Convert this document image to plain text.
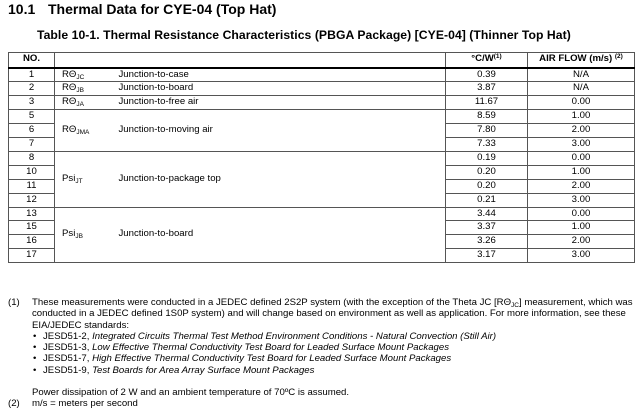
10.1 Thermal Data for CYE-04 (Top Hat)
Table 10-1. Thermal Resistance Characteristics (PBGA Package) [CYE-04] (Thinner Top Hat)
NO.			$^\circ C/W^{(1)}$	AIR FLOW (m/s) $^{(2)}$
1	$R\Theta_{JC}$	Junction-to-case	0.39	N/A
2	$R\Theta_{JB}$	Junction-to-board	3.87	N/A
3	$R\Theta_{JA}$	Junction-to-free air	11.67	0.00
5	$R\Theta_{JMA}$	Junction-to-moving air	8.59	1.00
6			7.80	2.00
7			7.33	3.00
8	Psi$_{JT}$	Junction-to-package top	0.19	0.00
10			0.20	1.00
11			0.20	2.00
12			0.21	3.00
13	Psi$_{JB}$	Junction-to-board	3.44	0.00
15			3.37	1.00
16			3.26	2.00
17			3.17	3.00
(1)	These measurements were conducted in a JEDEC defined 2S2P system (with the exception of the Theta JC $[R\Theta_{JC}]$ measurement, which was conducted in a JEDEC defined 1S0P system) and will change based on environment as well as application. For more information, see these EIA/JEDEC standards:
• JESD51-2, Integrated Circuits Thermal Test Method Environment Conditions - Natural Convection (Still Air)
• JESD51-3, Low Effective Thermal Conductivity Test Board for Leaded Surface Mount Packages
• JESD51-7, High Effective Thermal Conductivity Test Board for Leaded Surface Mount Packages
• JESD51-9, Test Boards for Area Array Surface Mount Packages
Power dissipation of 2 W and an ambient temperature of 70ºC is assumed.
(2)	m/s = meters per second
